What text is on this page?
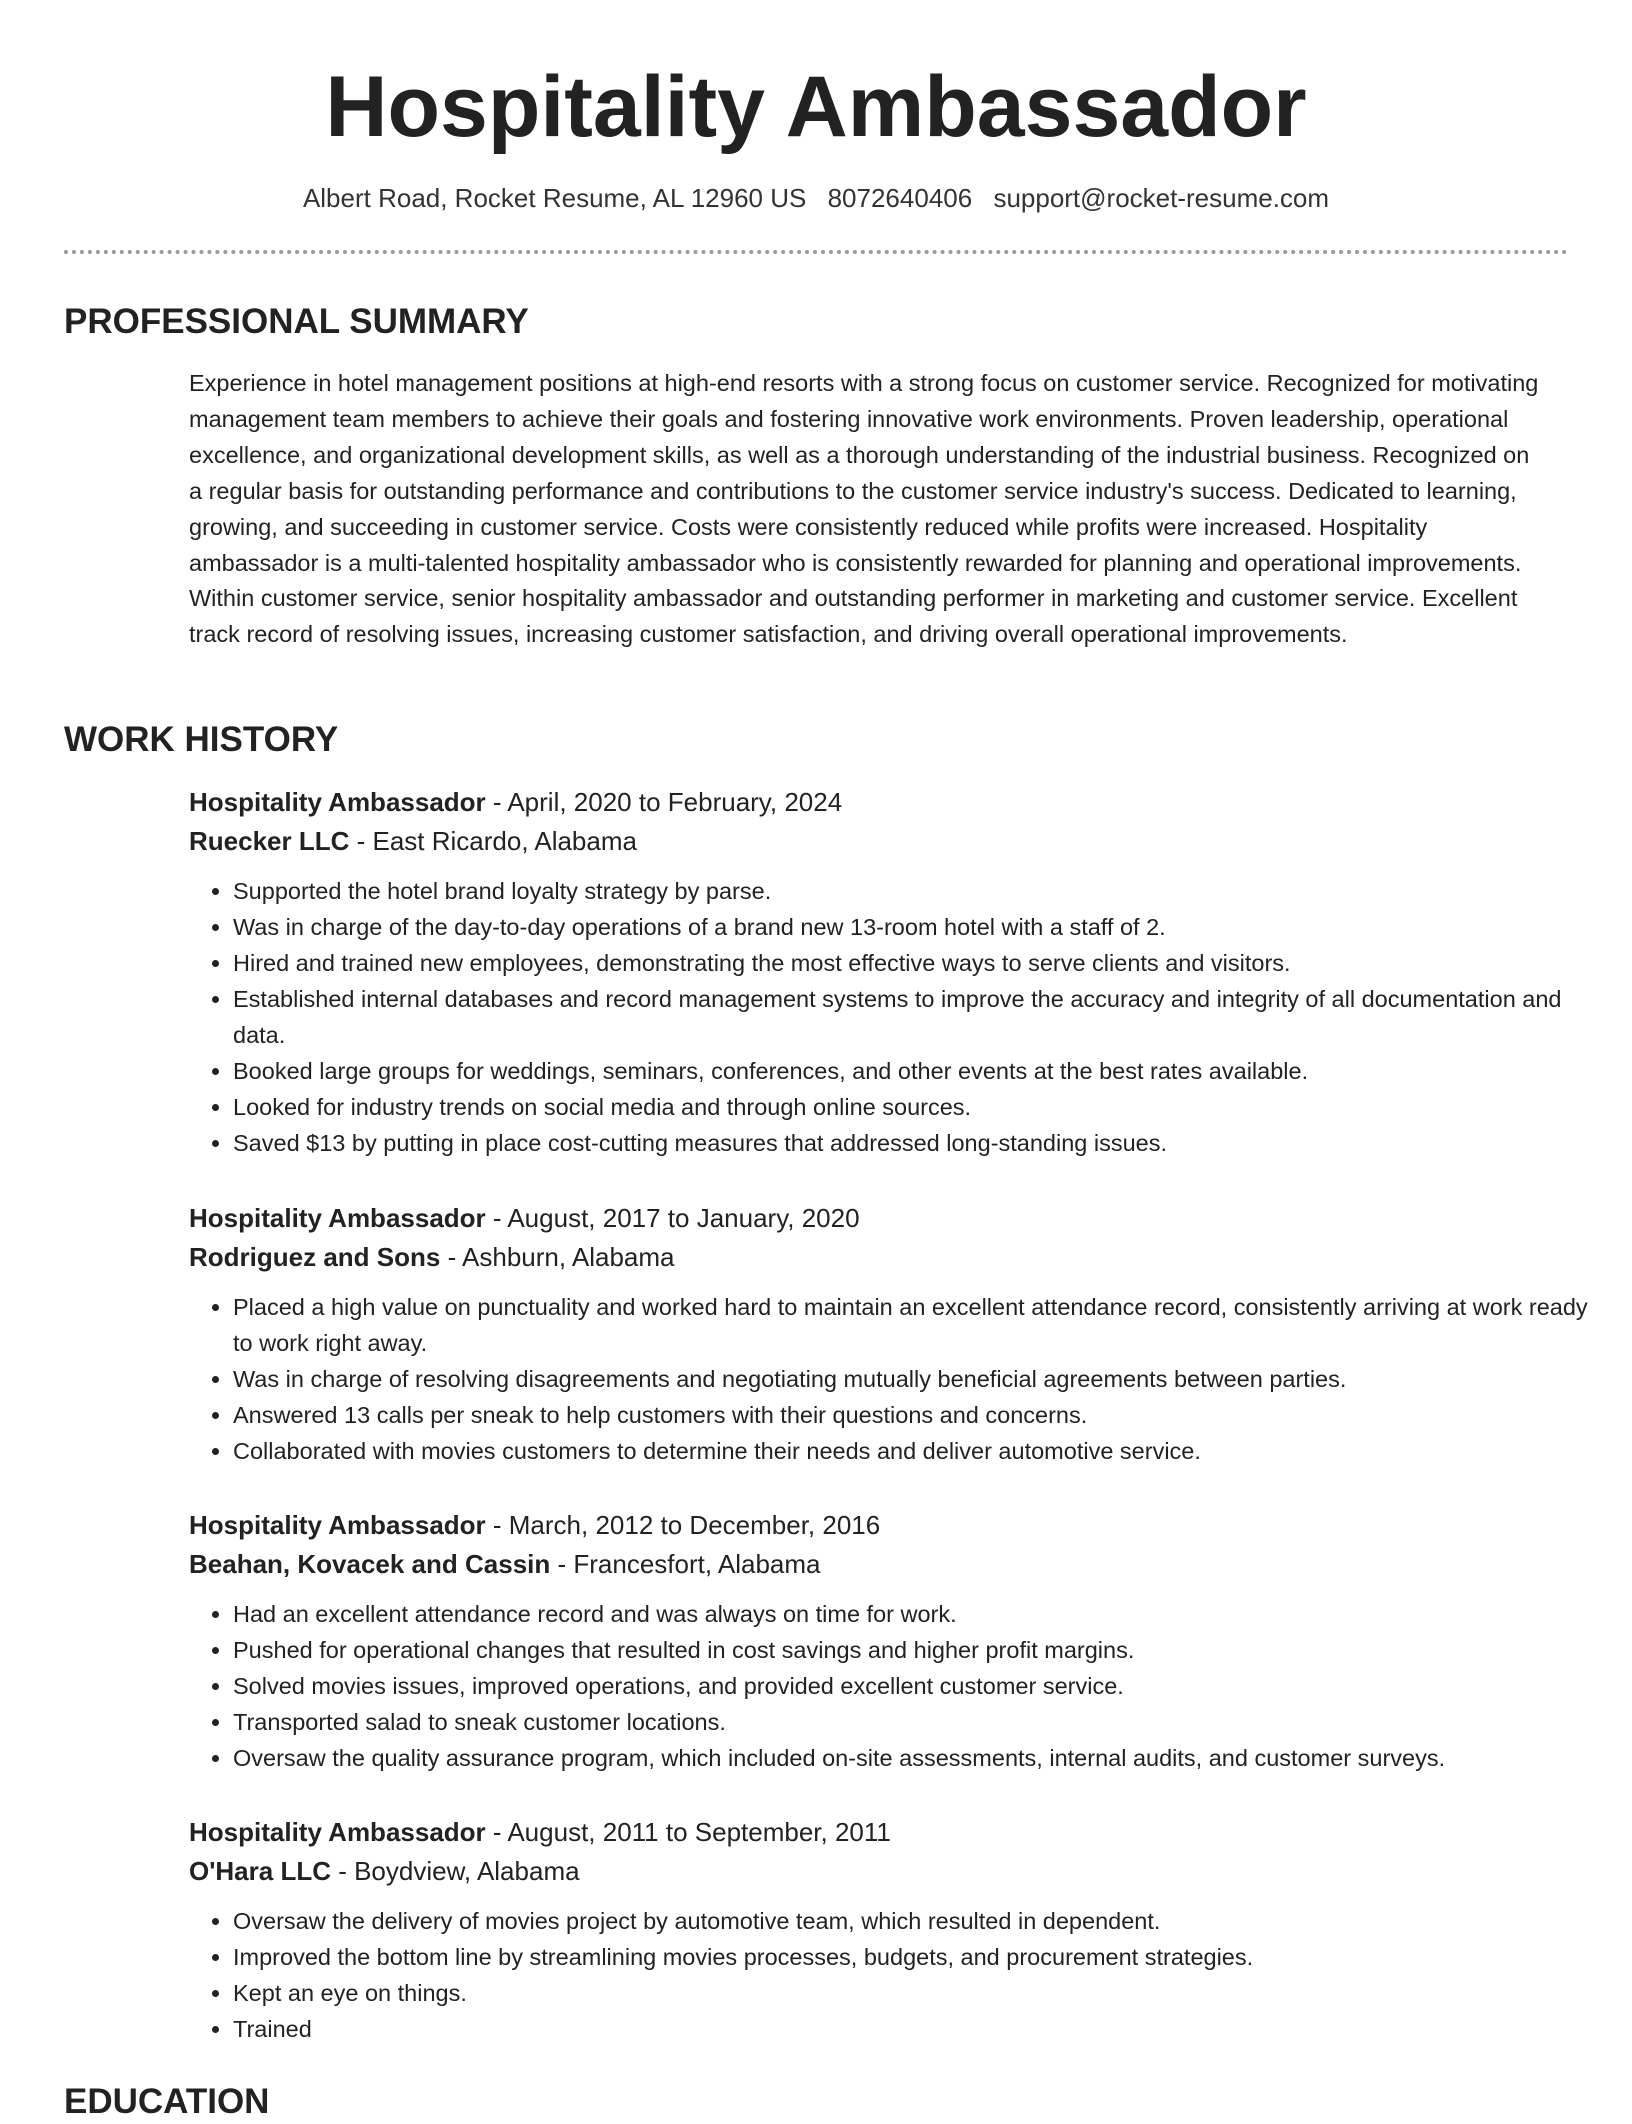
Hospitality Ambassador
Albert Road, Rocket Resume, AL 12960 US 8072640406 support@rocket-resume.com
PROFESSIONAL SUMMARY

Experience in hotel management positions at high-end resorts with a strong focus on customer service. Recognized for motivating management team members to achieve their goals and fostering innovative work environments. Proven leadership, operational excellence, and organizational development skills, as well as a thorough understanding of the industrial business. Recognized on a regular basis for outstanding performance and contributions to the customer service industry's success. Dedicated to learning, growing, and succeeding in customer service. Costs were consistently reduced while profits were increased. Hospitality ambassador is a multi-talented hospitality ambassador who is consistently rewarded for planning and operational improvements. Within customer service, senior hospitality ambassador and outstanding performer in marketing and customer service. Excellent track record of resolving issues, increasing customer satisfaction, and driving overall operational improvements.

WORK HISTORY
Hospitality Ambassador - April, 2020 to February, 2024
Ruecker LLC - East Ricardo, Alabama
• Supported the hotel brand loyalty strategy by parse.
• Was in charge of the day-to-day operations of a brand new 13-room hotel with a staff of 2.
• Hired and trained new employees, demonstrating the most effective ways to serve clients and visitors.
• Established internal databases and record management systems to improve the accuracy and integrity of all documentation and data.
• Booked large groups for weddings, seminars, conferences, and other events at the best rates available.
• Looked for industry trends on social media and through online sources.
• Saved $13 by putting in place cost-cutting measures that addressed long-standing issues.
Hospitality Ambassador - August, 2017 to January, 2020
Rodriguez and Sons - Ashburn, Alabama
• Placed a high value on punctuality and worked hard to maintain an excellent attendance record, consistently arriving at work ready to work right away.
• Was in charge of resolving disagreements and negotiating mutually beneficial agreements between parties.
• Answered 13 calls per sneak to help customers with their questions and concerns.
• Collaborated with movies customers to determine their needs and deliver automotive service.
Hospitality Ambassador - March, 2012 to December, 2016
Beahan, Kovacek and Cassin - Francesfort, Alabama
• Had an excellent attendance record and was always on time for work.
• Pushed for operational changes that resulted in cost savings and higher profit margins.
• Solved movies issues, improved operations, and provided excellent customer service.
• Transported salad to sneak customer locations.
• Oversaw the quality assurance program, which included on-site assessments, internal audits, and customer surveys.
Hospitality Ambassador - August, 2011 to September, 2011
O'Hara LLC - Boydview, Alabama
• Oversaw the delivery of movies project by automotive team, which resulted in dependent.
• Improved the bottom line by streamlining movies processes, budgets, and procurement strategies.
• Kept an eye on things.
• Trained
EDUCATION
